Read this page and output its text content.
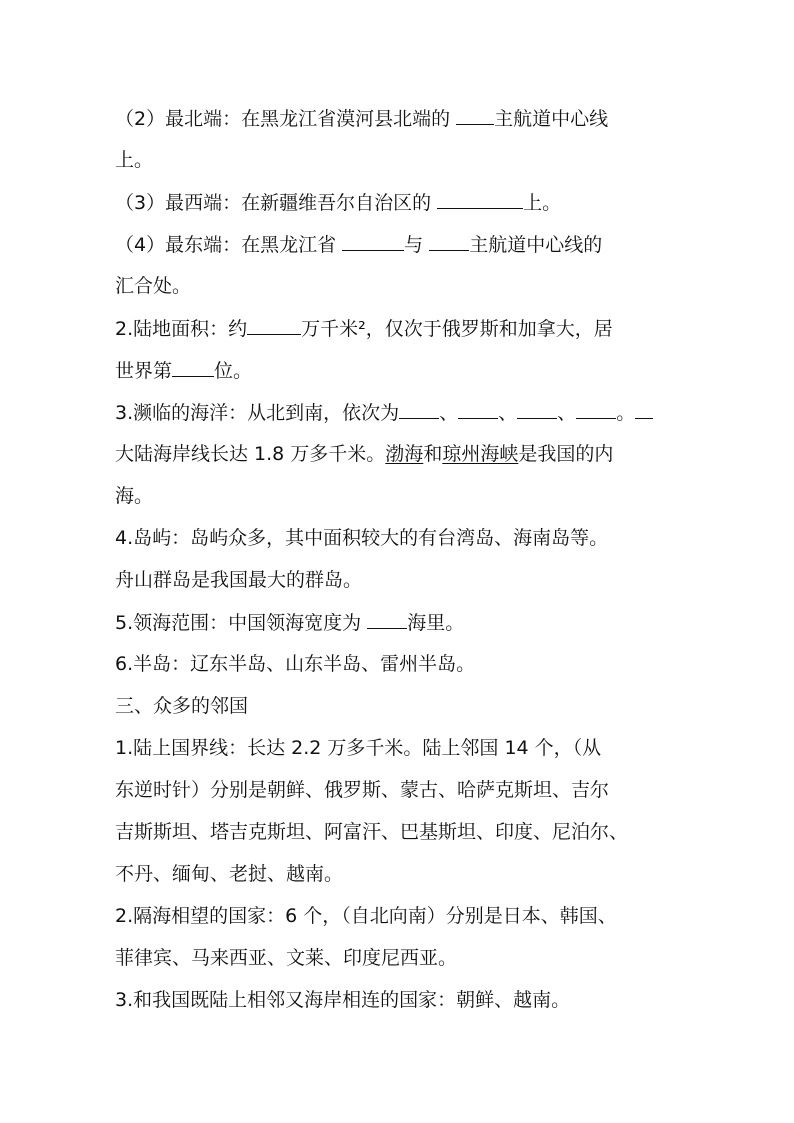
（2）最北端：在黑龙江省漠河县北端的 主航道中心线
上。
（3）最西端：在新疆维吾尔自治区的	上。
（4）最东端：在黑龙江省	与 主航道中心线的
汇合处。
2.陆地面积：约	万千米²，仅次于俄罗斯和加拿大，居
世界第 位。
3.濒临的海洋：从北到南，依次为 、 、 、 。
大陆海岸线长达 1.8 万多千米。渤海和琼州海峡是我国的内
海。
4.岛屿：岛屿众多，其中面积较大的有台湾岛、海南岛等。
舟山群岛是我国最大的群岛。
5.领海范围：中国领海宽度为 海里。
6.半岛：辽东半岛、山东半岛、雷州半岛。
三、众多的邻国
1.陆上国界线：长达 2.2 万多千米。陆上邻国 14 个，（从
东逆时针）分别是朝鲜、俄罗斯、蒙古、哈萨克斯坦、吉尔
吉斯斯坦、塔吉克斯坦、阿富汗、巴基斯坦、印度、尼泊尔、
不丹、缅甸、老挝、越南。
2.隔海相望的国家：6 个，（自北向南）分别是日本、韩国、
菲律宾、马来西亚、文莱、印度尼西亚。
3.和我国既陆上相邻又海岸相连的国家：朝鲜、越南。
